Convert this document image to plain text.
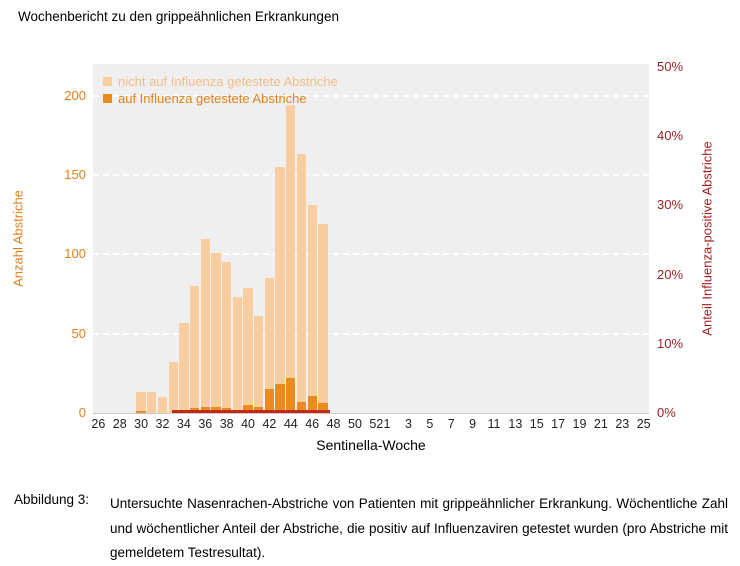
Wochenbericht zu den grippeähnlichen Erkrankungen
Anzahl Abstriche	Anteil Influenza-positive Abstriche
0
50
100
150
200
0%
10%
20%
30%
40%
50%
nicht auf Influenza getestete Abstriche
auf Influenza getestete Abstriche
26 28 30 32 34 36 38 40 42 44 46 48 50 52 1 3 5 7 9 11 13 15 17 19 21 23 25
Sentinella-Woche
Abbildung 3: Untersuchte Nasenrachen-Abstriche von Patienten mit grippeähnlicher Erkrankung. Wöchentliche Zahl und wöchentlicher Anteil der Abstriche, die positiv auf Influenzaviren getestet wurden (pro Abstriche mit gemeldetem Testresultat).
